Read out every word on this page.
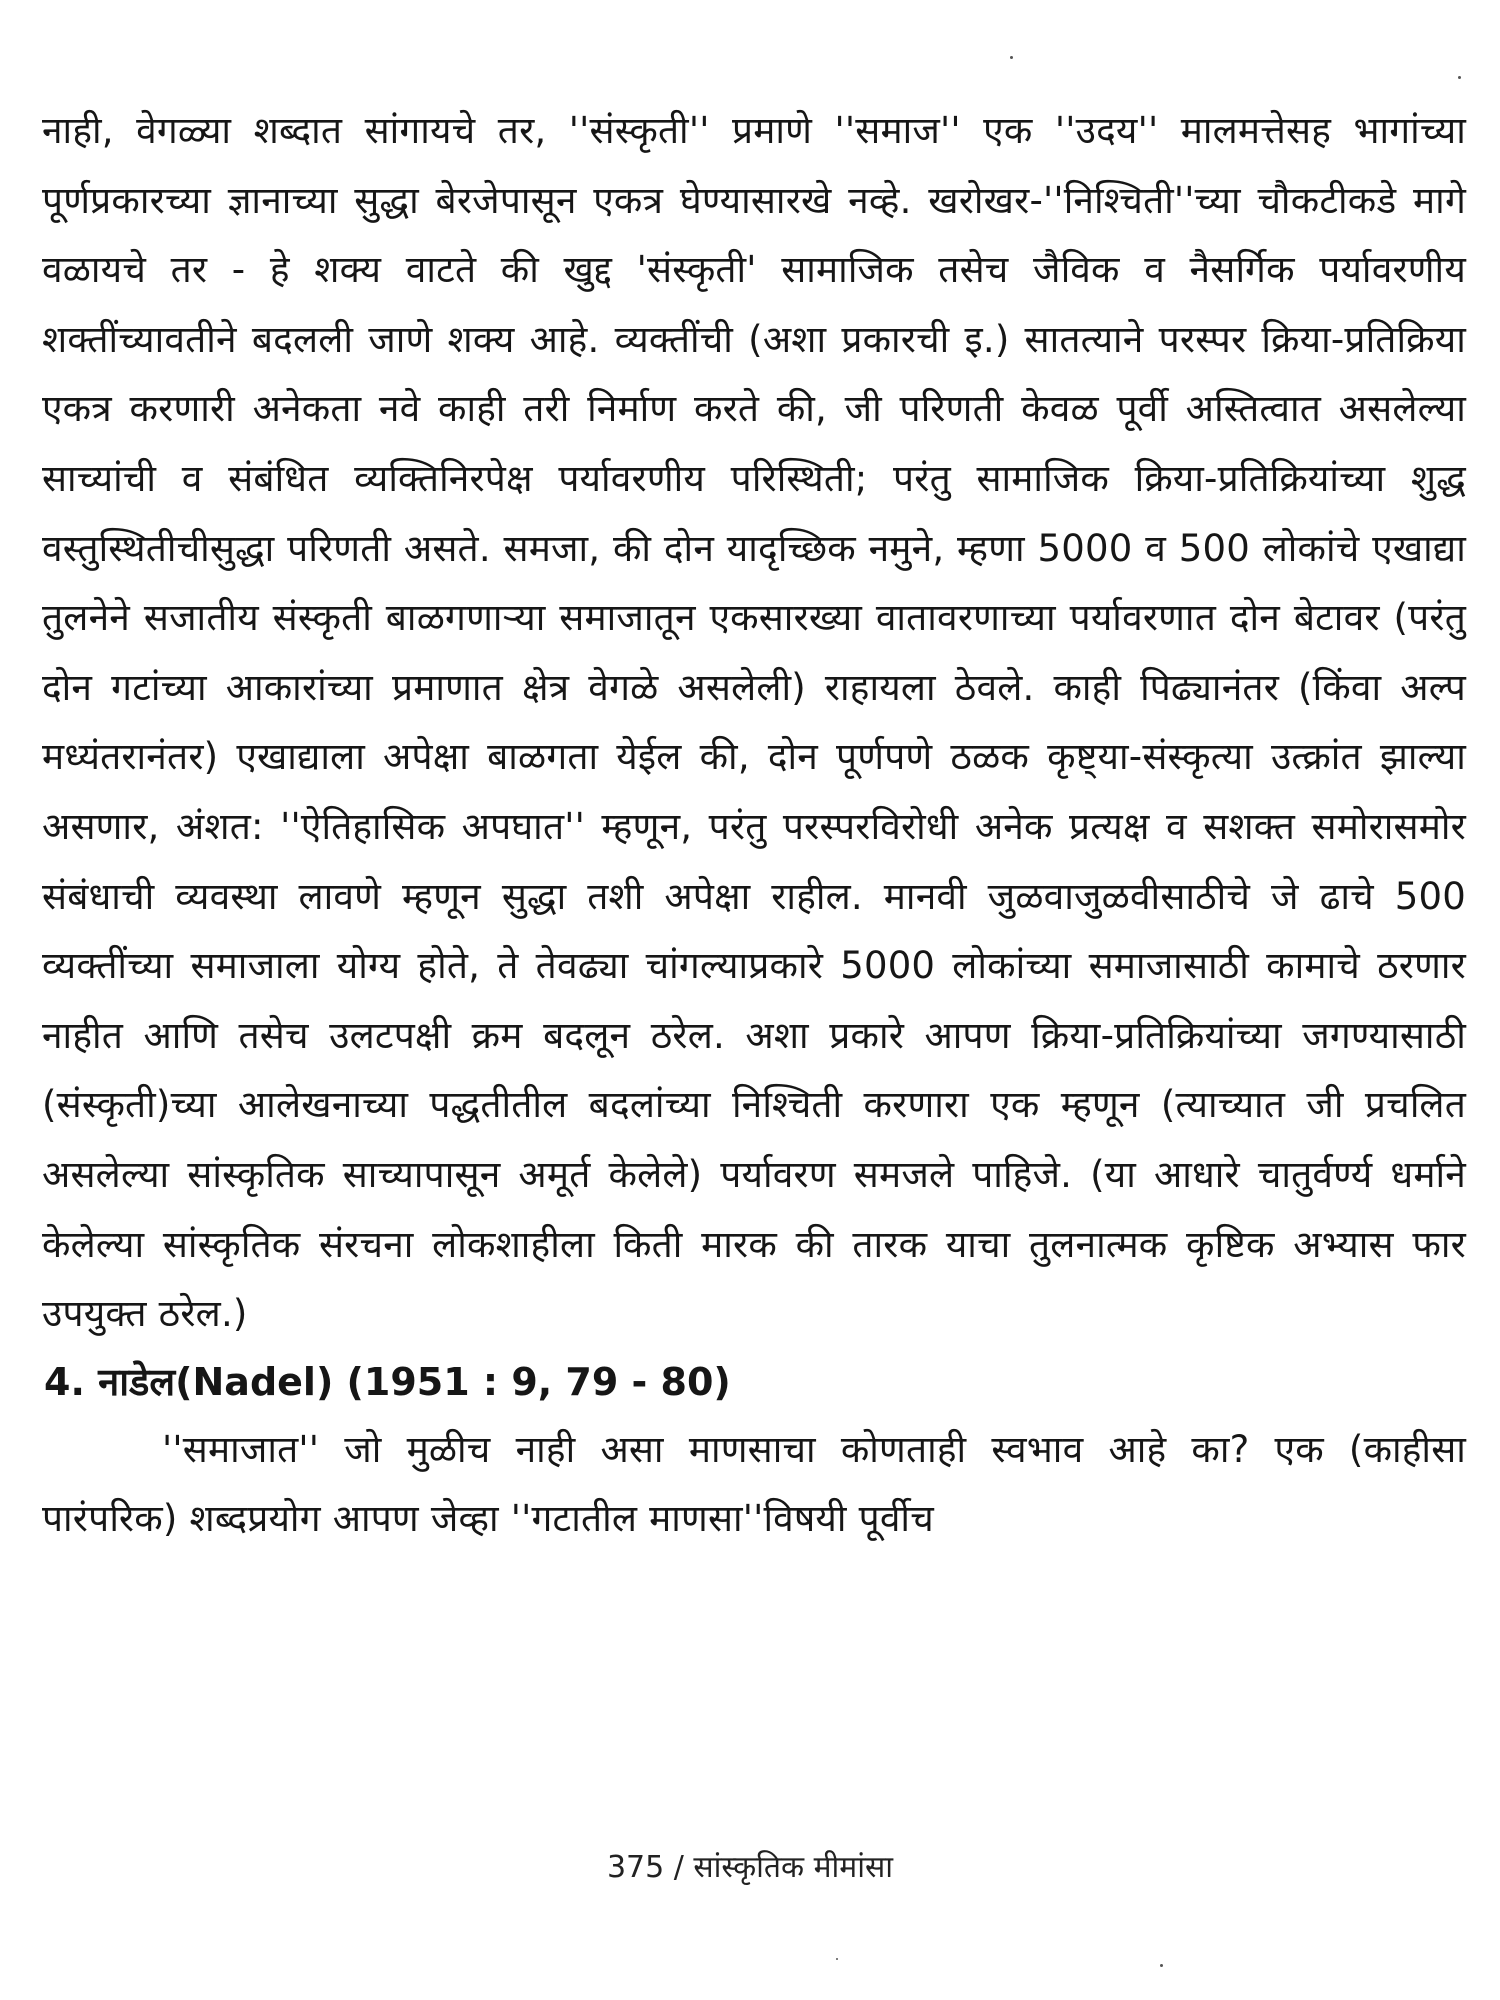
नाही, वेगळ्या शब्दात सांगायचे तर, ''संस्कृती'' प्रमाणे ''समाज'' एक ''उदय'' मालमत्तेसह भागांच्या पूर्णप्रकारच्या ज्ञानाच्या सुद्धा बेरजेपासून एकत्र घेण्यासारखे नव्हे. खरोखर-''निश्चिती''च्या चौकटीकडे मागे वळायचे तर - हे शक्य वाटते की खुद्द 'संस्कृती' सामाजिक तसेच जैविक व नैसर्गिक पर्यावरणीय शक्तींच्यावतीने बदलली जाणे शक्य आहे. व्यक्तींची (अशा प्रकारची इ.) सातत्याने परस्पर क्रिया-प्रतिक्रिया एकत्र करणारी अनेकता नवे काही तरी निर्माण करते की, जी परिणती केवळ पूर्वी अस्तित्वात असलेल्या साच्यांची व संबंधित व्यक्तिनिरपेक्ष पर्यावरणीय परिस्थिती; परंतु सामाजिक क्रिया-प्रतिक्रियांच्या शुद्ध वस्तुस्थितीचीसुद्धा परिणती असते. समजा, की दोन यादृच्छिक नमुने, म्हणा 5000 व 500 लोकांचे एखाद्या तुलनेने सजातीय संस्कृती बाळगणाऱ्या समाजातून एकसारख्या वातावरणाच्या पर्यावरणात दोन बेटावर (परंतु दोन गटांच्या आकारांच्या प्रमाणात क्षेत्र वेगळे असलेली) राहायला ठेवले. काही पिढ्यानंतर (किंवा अल्प मध्यंतरानंतर) एखाद्याला अपेक्षा बाळगता येईल की, दोन पूर्णपणे ठळक कृष्ट्या-संस्कृत्या उत्क्रांत झाल्या असणार, अंशत: ''ऐतिहासिक अपघात'' म्हणून, परंतु परस्परविरोधी अनेक प्रत्यक्ष व सशक्त समोरासमोर संबंधाची व्यवस्था लावणे म्हणून सुद्धा तशी अपेक्षा राहील. मानवी जुळवाजुळवीसाठीचे जे ढाचे 500 व्यक्तींच्या समाजाला योग्य होते, ते तेवढ्या चांगल्याप्रकारे 5000 लोकांच्या समाजासाठी कामाचे ठरणार नाहीत आणि तसेच उलटपक्षी क्रम बदलून ठरेल. अशा प्रकारे आपण क्रिया-प्रतिक्रियांच्या जगण्यासाठी (संस्कृती)च्या आलेखनाच्या पद्धतीतील बदलांच्या निश्चिती करणारा एक म्हणून (त्याच्यात जी प्रचलित असलेल्या सांस्कृतिक साच्यापासून अमूर्त केलेले) पर्यावरण समजले पाहिजे. (या आधारे चातुर्वर्ण्य धर्माने केलेल्या सांस्कृतिक संरचना लोकशाहीला किती मारक की तारक याचा तुलनात्मक कृष्टिक अभ्यास फार उपयुक्त ठरेल.)

4. नाडेल(Nadel) (1951 : 9, 79 - 80)

''समाजात'' जो मुळीच नाही असा माणसाचा कोणताही स्वभाव आहे का? एक (काहीसा पारंपरिक) शब्दप्रयोग आपण जेव्हा ''गटातील माणसा''विषयी पूर्वीच

375 / सांस्कृतिक मीमांसा
